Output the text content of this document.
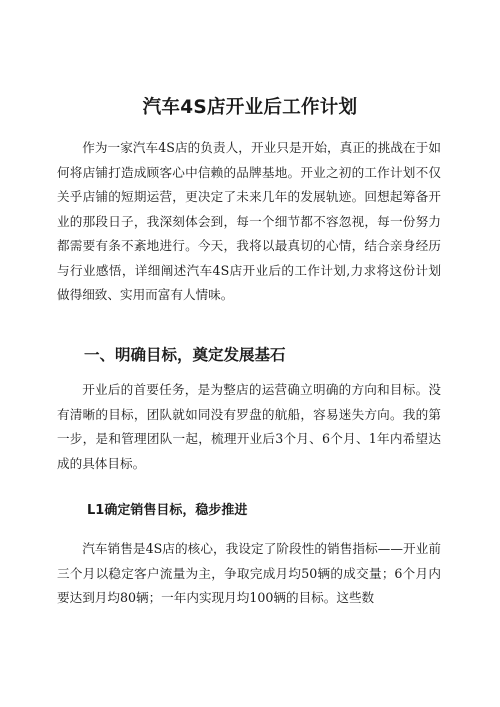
汽车4S店开业后工作计划

作为一家汽车4S店的负责人，开业只是开始，真正的挑战在于如何将店铺打造成顾客心中信赖的品牌基地。开业之初的工作计划不仅关乎店铺的短期运营，更决定了未来几年的发展轨迹。回想起筹备开业的那段日子，我深刻体会到，每一个细节都不容忽视，每一份努力都需要有条不紊地进行。今天，我将以最真切的心情，结合亲身经历与行业感悟，详细阐述汽车4S店开业后的工作计划,力求将这份计划做得细致、实用而富有人情味。

一、明确目标，奠定发展基石

开业后的首要任务，是为整店的运营确立明确的方向和目标。没有清晰的目标，团队就如同没有罗盘的航船，容易迷失方向。我的第一步，是和管理团队一起，梳理开业后3个月、6个月、1年内希望达成的具体目标。

L1确定销售目标，稳步推进

汽车销售是4S店的核心，我设定了阶段性的销售指标——开业前三个月以稳定客户流量为主，争取完成月均50辆的成交量；6个月内要达到月均80辆；一年内实现月均100辆的目标。这些数
